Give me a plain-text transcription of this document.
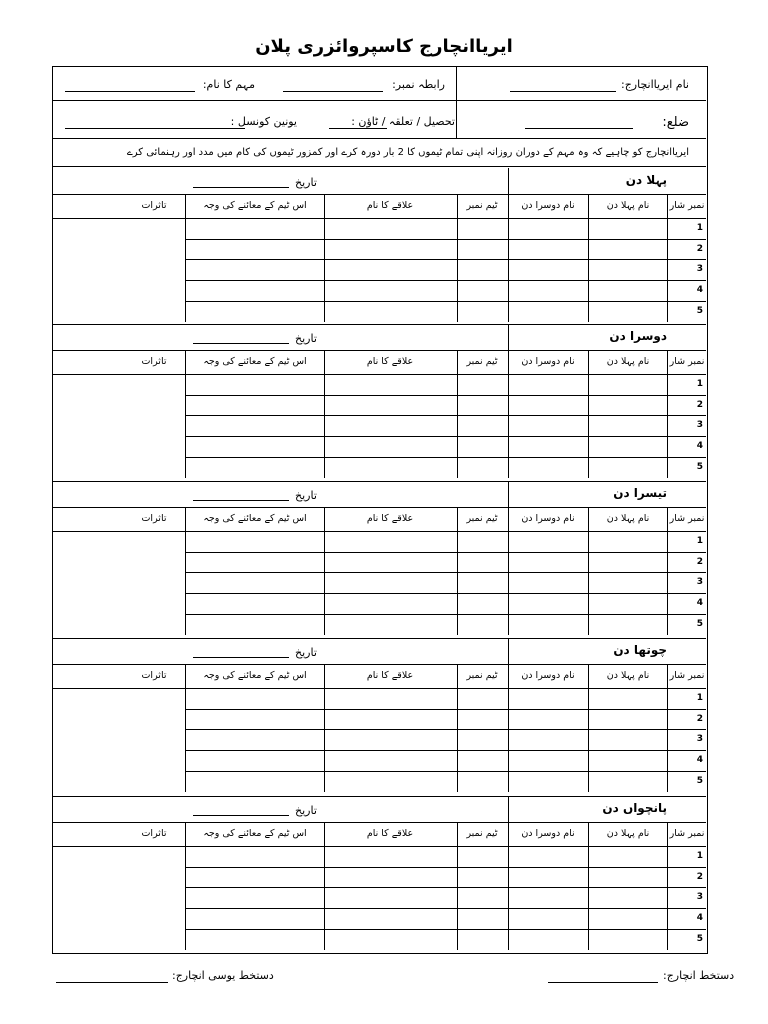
ایریاانچارج کاسپروائزری پلان
نام ایریاانچارج:
رابطہ نمبر:
مہم کا نام:
ضلع:
تحصیل / تعلقہ / ٹاؤن :
یونین کونسل :
ایریاانچارج کو چاہیے کہ وہ مہم کے دوران روزانہ اپنی تمام ٹیموں کا 2 بار دورہ کرے اور کمزور ٹیموں کی کام میں مدد اور رہنمائی کرے
پہلا دن
تاریخ
تاثرات	اس ٹیم کے معائنے کی وجہ	علاقے کا نام	ٹیم نمبر	نام دوسرا دن	نام پہلا دن	نمبر شار
1
2
3
4
5
دوسرا دن
تاریخ
تاثرات	اس ٹیم کے معائنے کی وجہ	علاقے کا نام	ٹیم نمبر	نام دوسرا دن	نام پہلا دن	نمبر شار
1
2
3
4
5
تیسرا دن
تاریخ
تاثرات	اس ٹیم کے معائنے کی وجہ	علاقے کا نام	ٹیم نمبر	نام دوسرا دن	نام پہلا دن	نمبر شار
1
2
3
4
5
چوتھا دن
تاریخ
تاثرات	اس ٹیم کے معائنے کی وجہ	علاقے کا نام	ٹیم نمبر	نام دوسرا دن	نام پہلا دن	نمبر شار
1
2
3
4
5
پانچواں دن
تاریخ
تاثرات	اس ٹیم کے معائنے کی وجہ	علاقے کا نام	ٹیم نمبر	نام دوسرا دن	نام پہلا دن	نمبر شار
1
2
3
4
5
دستخط انچارج:
دستخط یوسی انچارج:
